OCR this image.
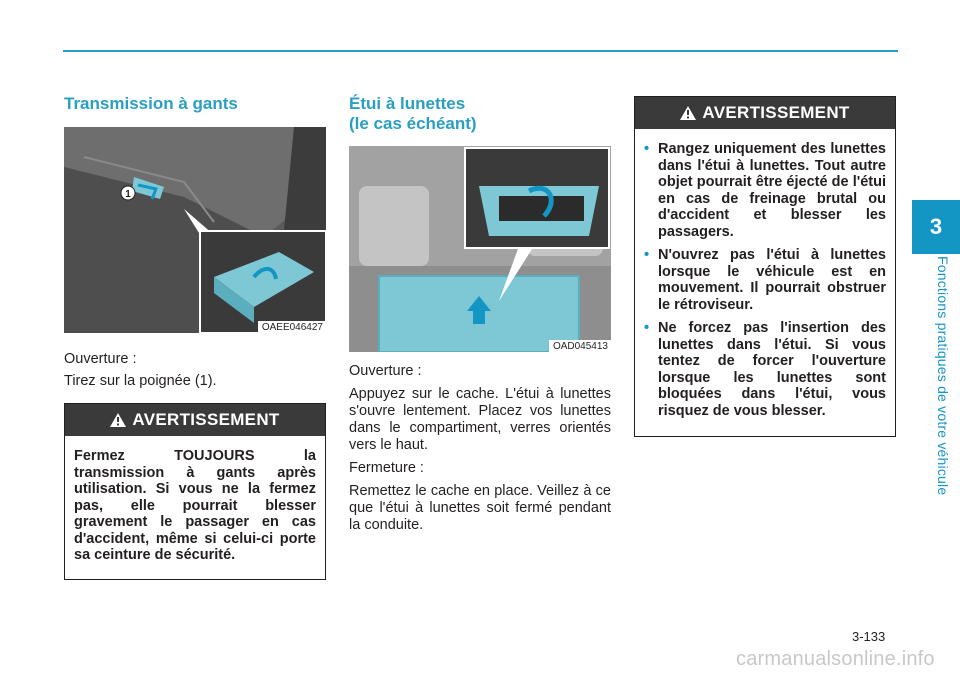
3
Fonctions pratiques de votre véhicule
Transmission à gants
1
OAEE046427

Ouverture :

Tirez sur la poignée (1).

AVERTISSEMENT
Fermez TOUJOURS la transmission à gants après utilisation. Si vous ne la fermez pas, elle pourrait blesser gravement le passager en cas d'accident, même si celui-ci porte sa ceinture de sécurité.
Étui à lunettes
(le cas échéant)
OAD045413

Ouverture :

Appuyez sur le cache. L'étui à lunettes s'ouvre lentement. Placez vos lunettes dans le compartiment, verres orientés vers le haut.

Fermeture :

Remettez le cache en place. Veillez à ce que l'étui à lunettes soit fermé pendant la conduite.

AVERTISSEMENT
• Rangez uniquement des lunettes dans l'étui à lunettes. Tout autre objet pourrait être éjecté de l'étui en cas de freinage brutal ou d'accident et blesser les passagers.
• N'ouvrez pas l'étui à lunettes lorsque le véhicule est en mouvement. Il pourrait obstruer le rétroviseur.
• Ne forcez pas l'insertion des lunettes dans l'étui. Si vous tentez de forcer l'ouverture lorsque les lunettes sont bloquées dans l'étui, vous risquez de vous blesser.
3-133
carmanualsonline.info
